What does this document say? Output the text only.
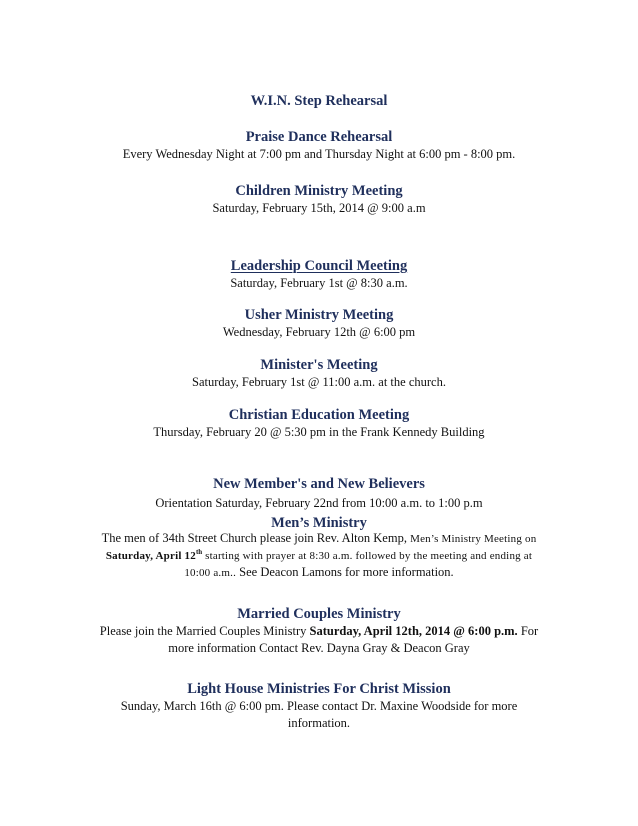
W.I.N. Step Rehearsal
Praise Dance Rehearsal
Every Wednesday Night at 7:00 pm and Thursday Night at 6:00 pm - 8:00 pm.
Children Ministry Meeting
Saturday, February 15th, 2014 @ 9:00 a.m
Leadership Council Meeting
Saturday, February 1st @ 8:30 a.m.
Usher Ministry Meeting
Wednesday, February 12th @ 6:00 pm
Minister's Meeting
Saturday, February 1st @ 11:00 a.m. at the church.
Christian Education Meeting
Thursday, February 20 @ 5:30 pm in the Frank Kennedy Building
New Member's and New Believers
Orientation Saturday, February 22nd from 10:00 a.m. to 1:00 p.m
Men’s Ministry
The men of 34th Street Church please join Rev. Alton Kemp, Men’s Ministry Meeting on
Saturday, April 12th starting with prayer at 8:30 a.m. followed by the meeting and ending at
10:00 a.m.. See Deacon Lamons for more information.
Married Couples Ministry
Please join the Married Couples Ministry Saturday, April 12th, 2014 @ 6:00 p.m. For
more information Contact Rev. Dayna Gray & Deacon Gray
Light House Ministries For Christ Mission
Sunday, March 16th @ 6:00 pm. Please contact Dr. Maxine Woodside for more
information.
